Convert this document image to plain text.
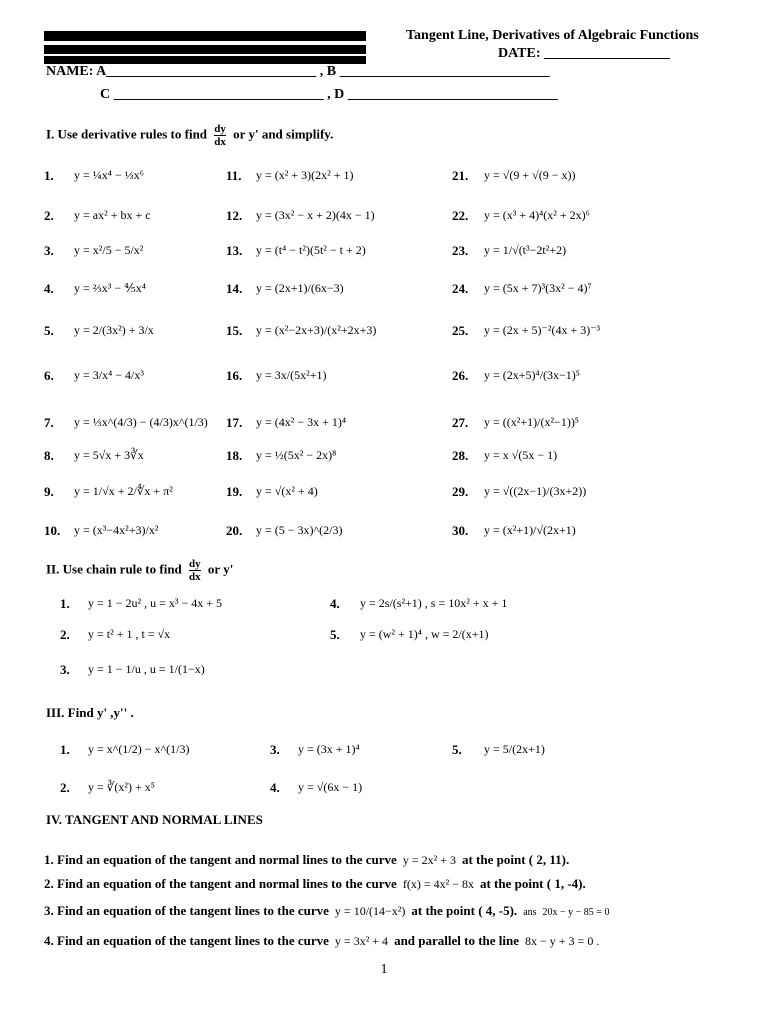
Tangent Line, Derivatives of Algebraic Functions
DATE: __________________
NAME: A______________________________ , B ______________________________
C ______________________________ , D ______________________________
I. Use derivative rules to find $\frac{dy}{dx}$ or y' and simplify.
1. y = ¼x⁴ − ⅓x⁶
2. y = ax² + bx + c
3. y = x²/5 − 5/x²
4. y = ⅔x³ − ⅘x⁴
5. y = 2/(3x²) + 3/x
6. y = 3/x⁴ − 4/x³
7. y = ⅓x^(4/3) − (4/3)x^(1/3)
8. y = 5√x + 3∛x
9. y = 1/√x + 2/∜x + π²
10. y = (x³−4x²+3)/x²
11. y = (x² + 3)(2x² + 1)
12. y = (3x² − x + 2)(4x − 1)
13. y = (t⁴ − t²)(5t² − t + 2)
14. y = (2x+1)/(6x−3)
15. y = (x²−2x+3)/(x²+2x+3)
16. y = 3x/(5x²+1)
17. y = (4x² − 3x + 1)⁴
18. y = ½(5x² − 2x)⁸
19. y = √(x² + 4)
20. y = (5 − 3x)^(2/3)
21. y = √(9 + √(9 − x))
22. y = (x³ + 4)⁴(x² + 2x)⁶
23. y = 1/√(t³−2t²+2)
24. y = (5x + 7)³(3x² − 4)⁷
25. y = (2x + 5)⁻²(4x + 3)⁻³
26. y = (2x+5)⁴/(3x−1)⁵
27. y = ((x²+1)/(x²−1))⁵
28. y = x √(5x − 1)
29. y = √((2x−1)/(3x+2))
30. y = (x²+1)/√(2x+1)
II. Use chain rule to find $\frac{dy}{dx}$ or y'
1. y = 1 − 2u² , u = x³ − 4x + 5
2. y = t² + 1 , t = √x
3. y = 1 − 1/u , u = 1/(1−x)
4. y = 2s/(s²+1) , s = 10x² + x + 1
5. y = (w² + 1)⁴ , w = 2/(x+1)
III. Find y' ,y'' .
1. y = x^(1/2) − x^(1/3)
2. y = ∛(x²) + x⁵
3. y = (3x + 1)⁴
4. y = √(6x − 1)
5. y = 5/(2x+1)
IV. TANGENT AND NORMAL LINES
1. Find an equation of the tangent and normal lines to the curve y = 2x² + 3 at the point ( 2, 11).
2. Find an equation of the tangent and normal lines to the curve f(x) = 4x² − 8x at the point ( 1, -4).
3. Find an equation of the tangent lines to the curve y = 10/(14−x²) at the point ( 4, -5). ans 20x − y − 85 = 0
4. Find an equation of the tangent lines to the curve y = 3x² + 4 and parallel to the line 8x − y + 3 = 0 .
1
